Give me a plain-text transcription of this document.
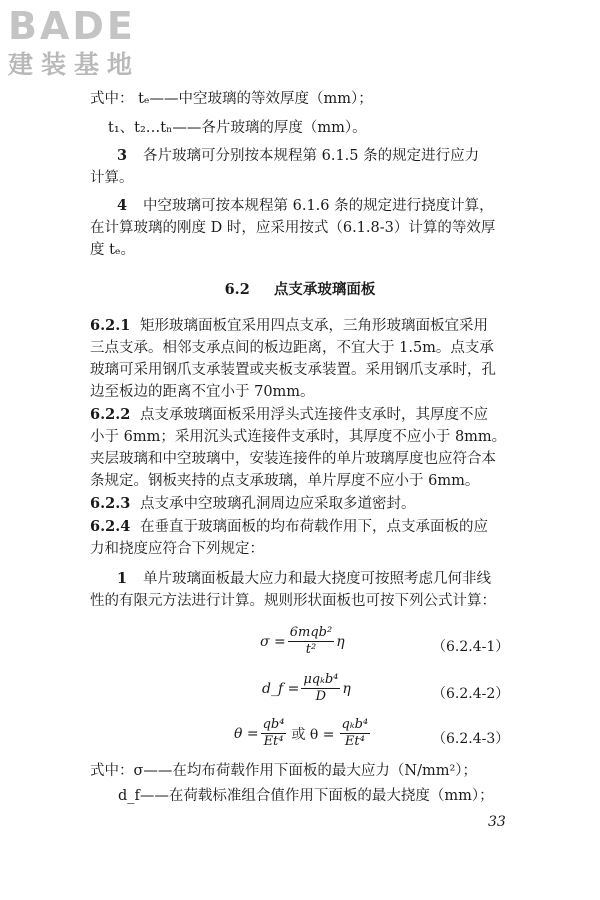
BADE
建装基地
式中： tₑ——中空玻璃的等效厚度（mm）；
t₁、t₂…tₙ——各片玻璃的厚度（mm）。
3 各片玻璃可分别按本规程第 6.1.5 条的规定进行应力
计算。
4 中空玻璃可按本规程第 6.1.6 条的规定进行挠度计算，
在计算玻璃的刚度 D 时，应采用按式（6.1.8-3）计算的等效厚
度 tₑ。
6.2 点支承玻璃面板
6.2.1 矩形玻璃面板宜采用四点支承，三角形玻璃面板宜采用
三点支承。相邻支承点间的板边距离，不宜大于 1.5m。点支承
玻璃可采用钢爪支承装置或夹板支承装置。采用钢爪支承时，孔
边至板边的距离不宜小于 70mm。
6.2.2 点支承玻璃面板采用浮头式连接件支承时，其厚度不应
小于 6mm；采用沉头式连接件支承时，其厚度不应小于 8mm。
夹层玻璃和中空玻璃中，安装连接件的单片玻璃厚度也应符合本
条规定。钢板夹持的点支承玻璃，单片厚度不应小于 6mm。
6.2.3 点支承中空玻璃孔洞周边应采取多道密封。
6.2.4 在垂直于玻璃面板的均布荷载作用下，点支承面板的应
力和挠度应符合下列规定：
1 单片玻璃面板最大应力和最大挠度可按照考虑几何非线
性的有限元方法进行计算。规则形状面板也可按下列公式计算：
$\sigma = \frac{\text{6mqb²}}{\text{t²}}$ η	（6.2.4-1）
d_f = $\frac{\text{μqₖb⁴}}{D}$ η	（6.2.4-2）
$\theta = \frac{\text{qb⁴}}{\text{Et⁴}}$ 或 $\theta = \frac{\text{qₖb⁴}}{\text{Et⁴}}$	（6.2.4-3）
式中：σ——在均布荷载作用下面板的最大应力（N/mm²）；
d_f——在荷载标准组合值作用下面板的最大挠度（mm）；
33
